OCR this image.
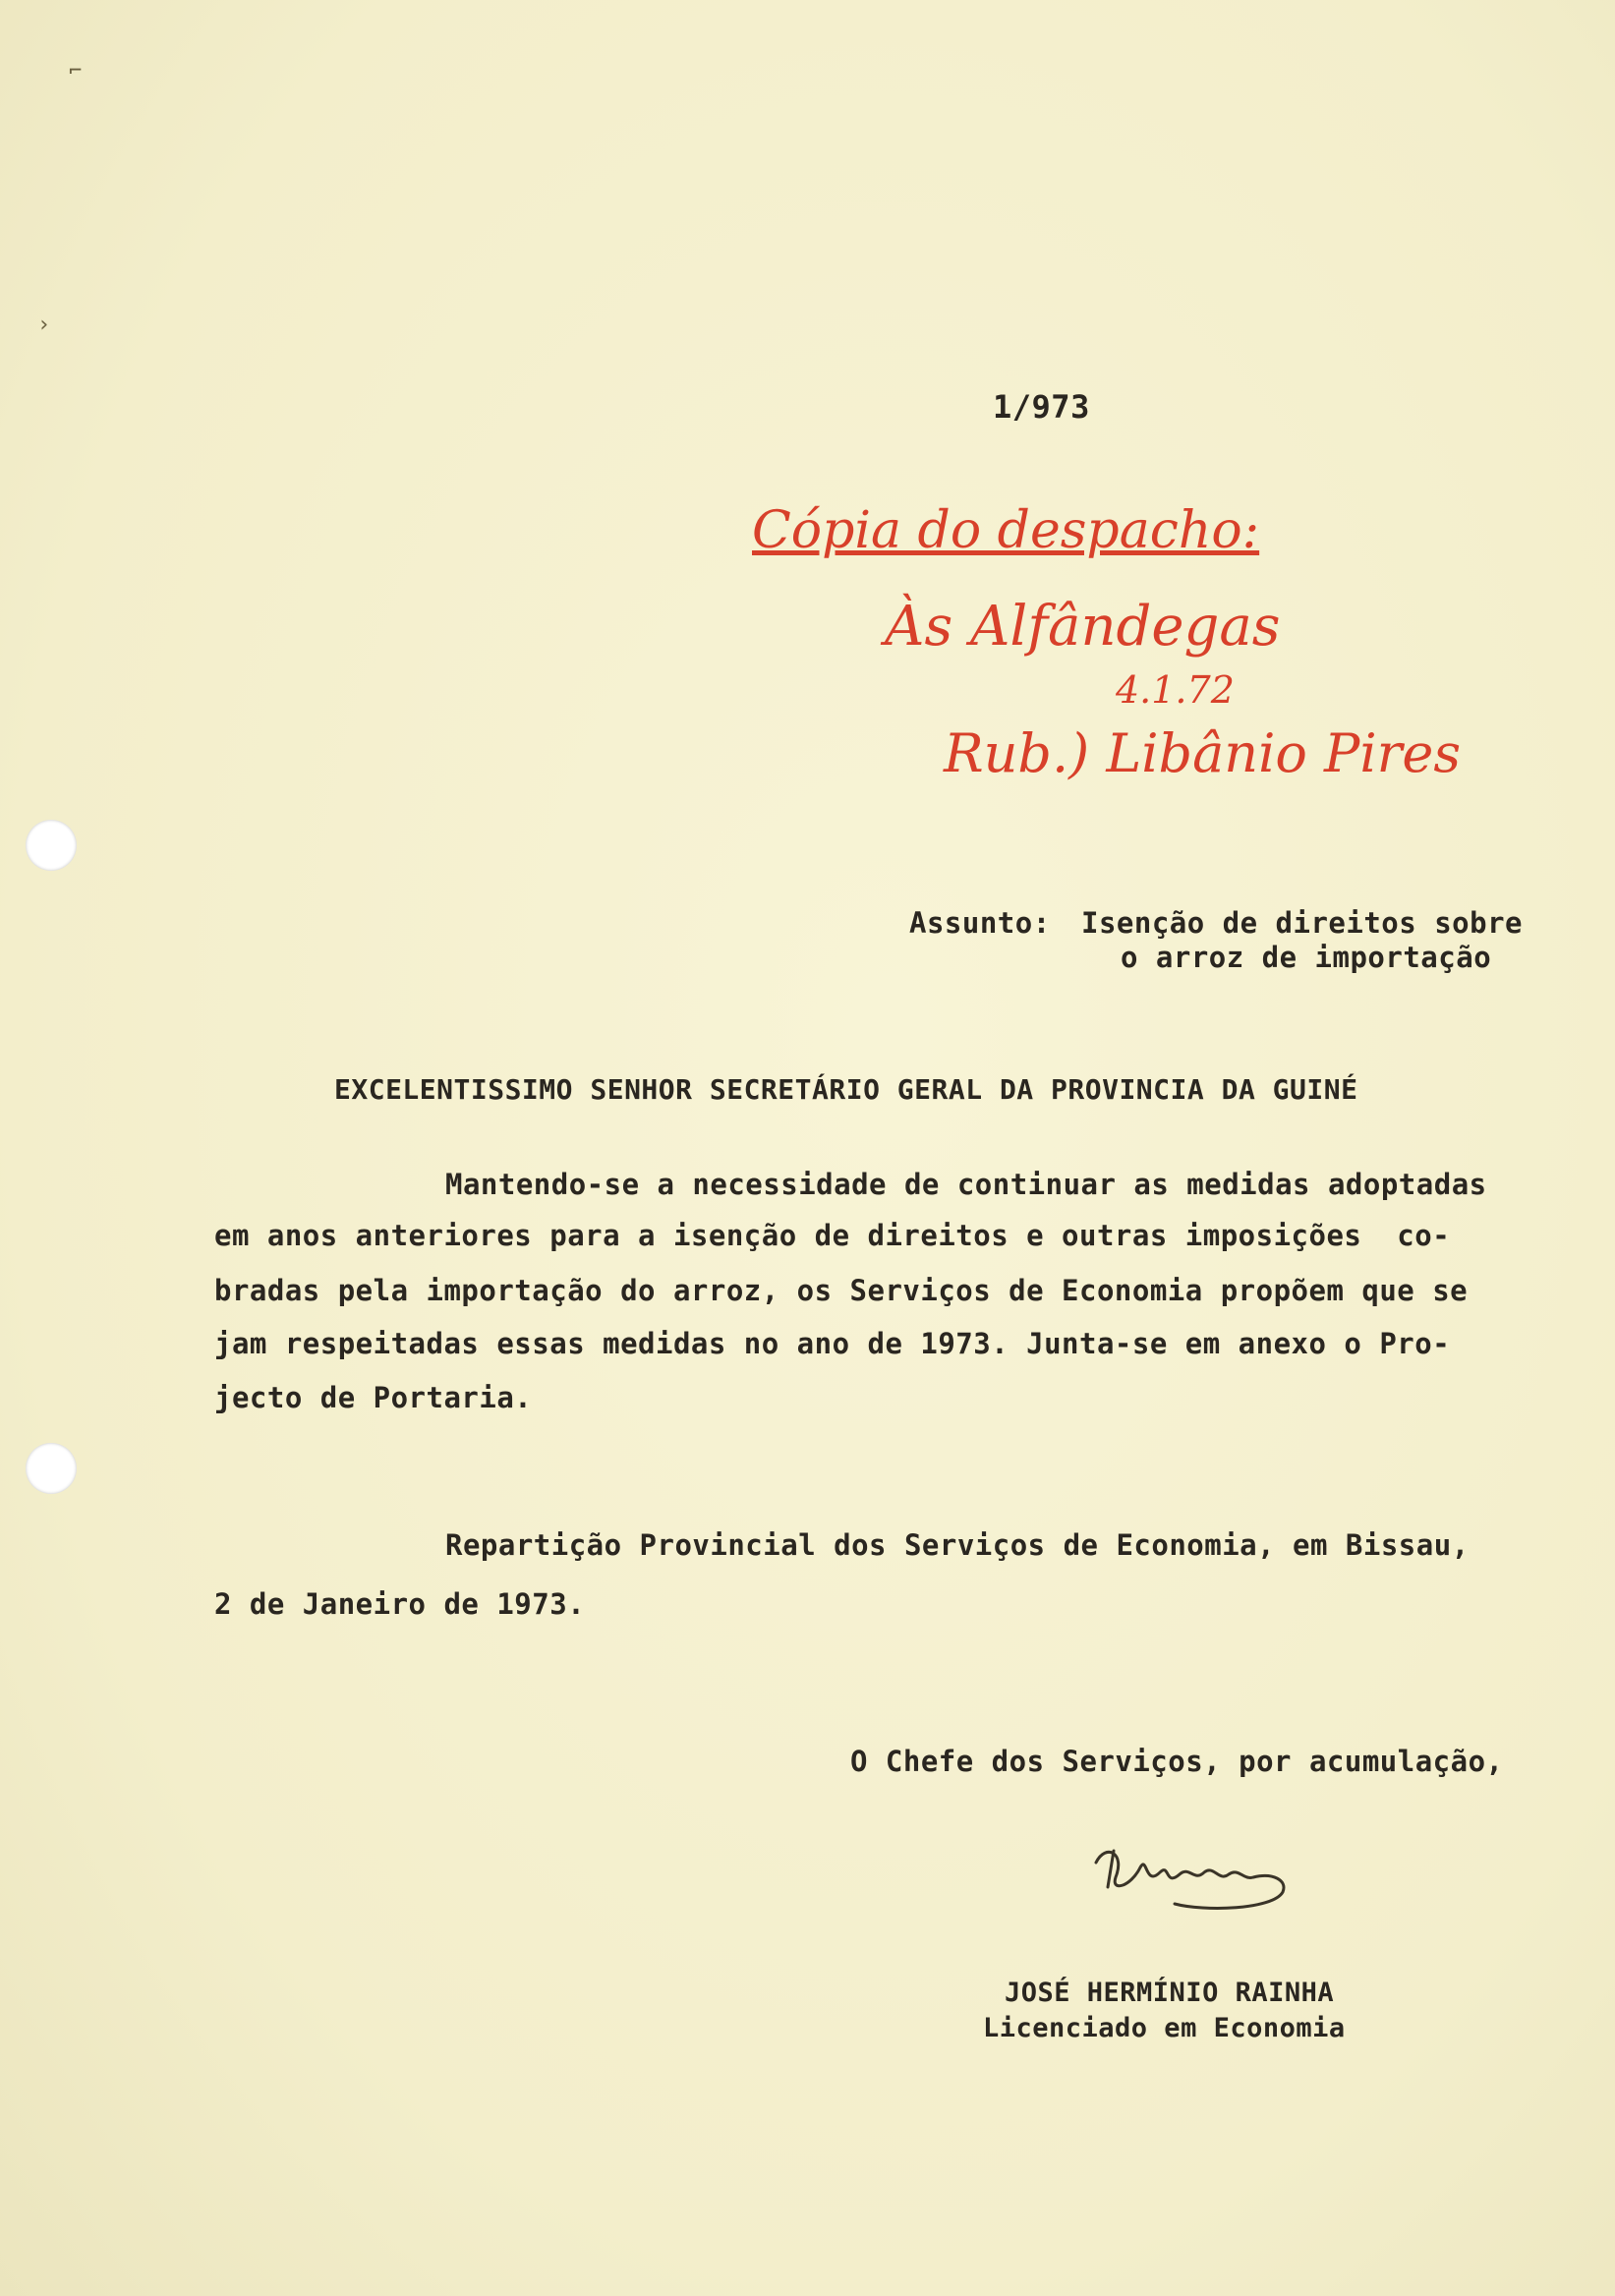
⌐
›
1/973
Cópia do despacho:
Às Alfândegas
4.1.72
Rub.) Libânio Pires
Assunto: Isenção de direitos sobre
o arroz de importação
EXCELENTISSIMO SENHOR SECRETÁRIO GERAL DA PROVINCIA DA GUINÉ
Mantendo-se a necessidade de continuar as medidas adoptadas
em anos anteriores para a isenção de direitos e outras imposições  co-
bradas pela importação do arroz, os Serviços de Economia propõem que se
jam respeitadas essas medidas no ano de 1973. Junta-se em anexo o Pro-
jecto de Portaria.
Repartição Provincial dos Serviços de Economia, em Bissau,
2 de Janeiro de 1973.
O Chefe dos Serviços, por acumulação,
JOSÉ HERMÍNIO RAINHA
Licenciado em Economia
